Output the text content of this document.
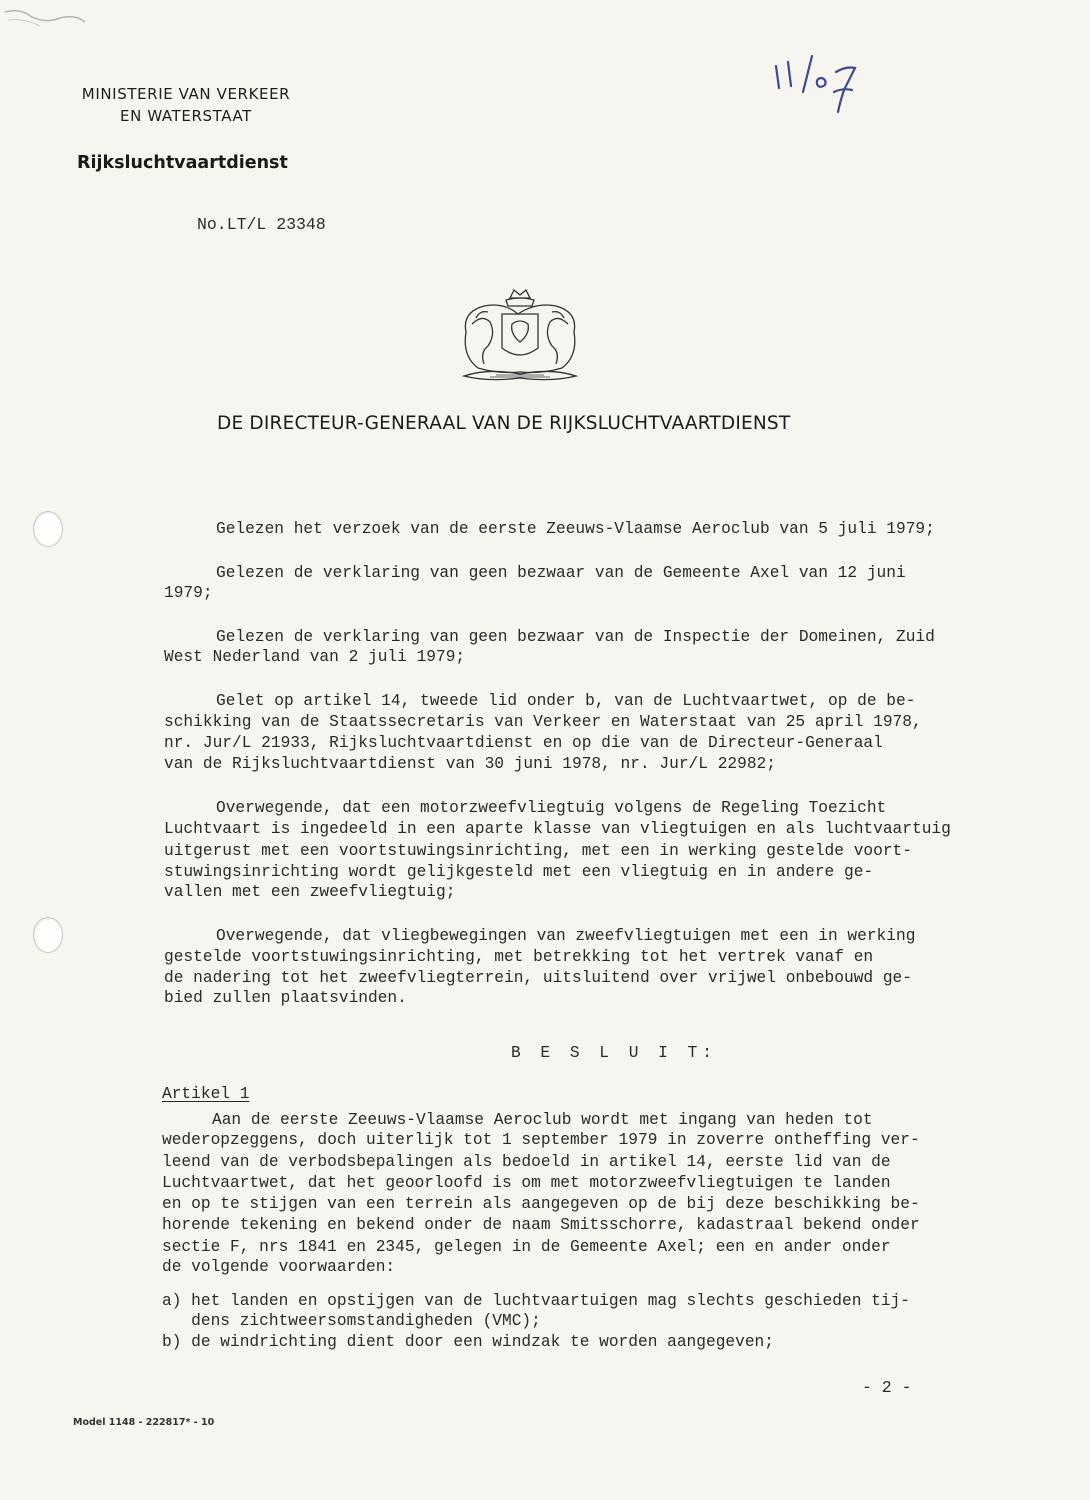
MINISTERIE VAN VERKEER
EN WATERSTAAT
Rijksluchtvaartdienst
No.LT/L 23348
DE DIRECTEUR-GENERAAL VAN DE RIJKSLUCHTVAARTDIENST
Gelezen het verzoek van de eerste Zeeuws-Vlaamse Aeroclub van 5 juli 1979;
Gelezen de verklaring van geen bezwaar van de Gemeente Axel van 12 juni
1979;
Gelezen de verklaring van geen bezwaar van de Inspectie der Domeinen, Zuid
West Nederland van 2 juli 1979;
Gelet op artikel 14, tweede lid onder b, van de Luchtvaartwet, op de be-
schikking van de Staatssecretaris van Verkeer en Waterstaat van 25 april 1978,
nr. Jur/L 21933, Rijksluchtvaartdienst en op die van de Directeur-Generaal
van de Rijksluchtvaartdienst van 30 juni 1978, nr. Jur/L 22982;
Overwegende, dat een motorzweefvliegtuig volgens de Regeling Toezicht
Luchtvaart is ingedeeld in een aparte klasse van vliegtuigen en als luchtvaartuig
uitgerust met een voortstuwingsinrichting, met een in werking gestelde voort-
stuwingsinrichting wordt gelijkgesteld met een vliegtuig en in andere ge-
vallen met een zweefvliegtuig;
Overwegende, dat vliegbewegingen van zweefvliegtuigen met een in werking
gestelde voortstuwingsinrichting, met betrekking tot het vertrek vanaf en
de nadering tot het zweefvliegterrein, uitsluitend over vrijwel onbebouwd ge-
bied zullen plaatsvinden.
B E S L U I T:
Artikel 1
Aan de eerste Zeeuws-Vlaamse Aeroclub wordt met ingang van heden tot
wederopzeggens, doch uiterlijk tot 1 september 1979 in zoverre ontheffing ver-
leend van de verbodsbepalingen als bedoeld in artikel 14, eerste lid van de
Luchtvaartwet, dat het geoorloofd is om met motorzweefvliegtuigen te landen
en op te stijgen van een terrein als aangegeven op de bij deze beschikking be-
horende tekening en bekend onder de naam Smitsschorre, kadastraal bekend onder
sectie F, nrs 1841 en 2345, gelegen in de Gemeente Axel; een en ander onder
de volgende voorwaarden:
a) het landen en opstijgen van de luchtvaartuigen mag slechts geschieden tij-
dens zichtweersomstandigheden (VMC);
b) de windrichting dient door een windzak te worden aangegeven;
- 2 -
Model 1148 - 222817* - 10
